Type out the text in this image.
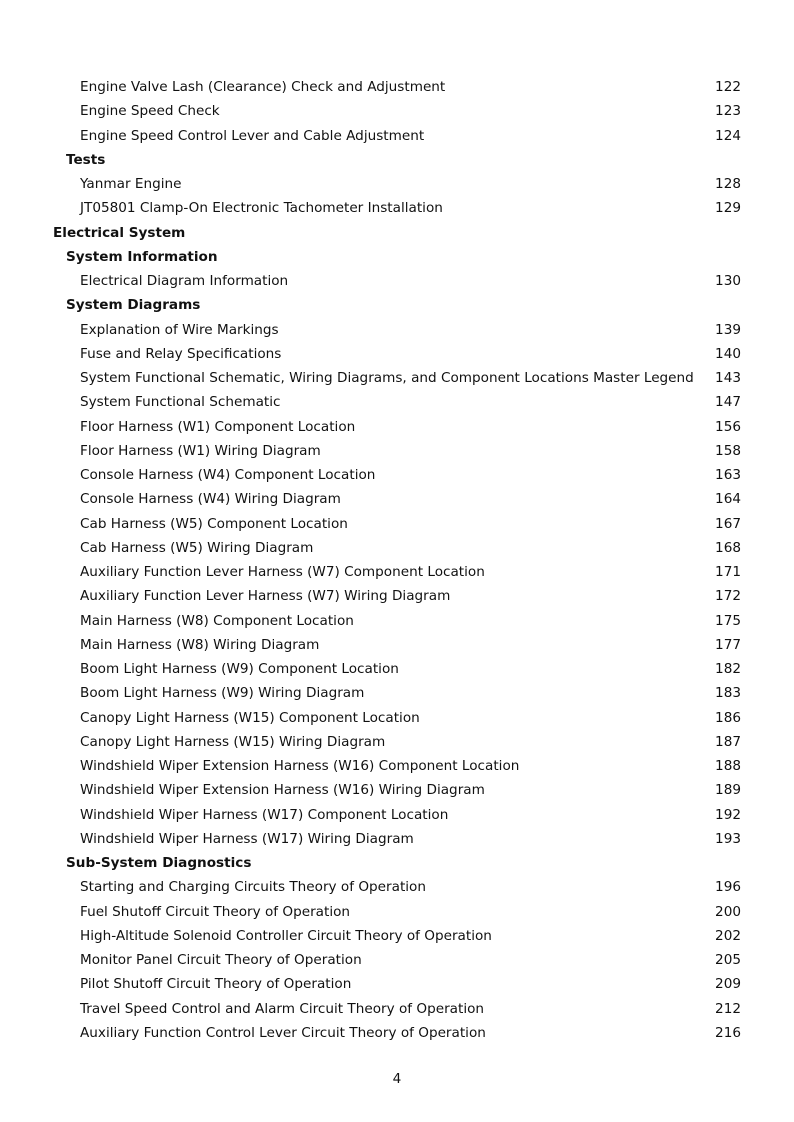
Engine Valve Lash (Clearance) Check and Adjustment	122
Engine Speed Check	123
Engine Speed Control Lever and Cable Adjustment	124
Tests
Yanmar Engine	128
JT05801 Clamp-On Electronic Tachometer Installation	129
Electrical System
System Information
Electrical Diagram Information	130
System Diagrams
Explanation of Wire Markings	139
Fuse and Relay Specifications	140
System Functional Schematic, Wiring Diagrams, and Component Locations Master Legend 143
System Functional Schematic	147
Floor Harness (W1) Component Location	156
Floor Harness (W1) Wiring Diagram	158
Console Harness (W4) Component Location	163
Console Harness (W4) Wiring Diagram	164
Cab Harness (W5) Component Location	167
Cab Harness (W5) Wiring Diagram	168
Auxiliary Function Lever Harness (W7) Component Location	171
Auxiliary Function Lever Harness (W7) Wiring Diagram	172
Main Harness (W8) Component Location	175
Main Harness (W8) Wiring Diagram	177
Boom Light Harness (W9) Component Location	182
Boom Light Harness (W9) Wiring Diagram	183
Canopy Light Harness (W15) Component Location	186
Canopy Light Harness (W15) Wiring Diagram	187
Windshield Wiper Extension Harness (W16) Component Location	188
Windshield Wiper Extension Harness (W16) Wiring Diagram	189
Windshield Wiper Harness (W17) Component Location	192
Windshield Wiper Harness (W17) Wiring Diagram	193
Sub-System Diagnostics
Starting and Charging Circuits Theory of Operation	196
Fuel Shutoff Circuit Theory of Operation	200
High-Altitude Solenoid Controller Circuit Theory of Operation	202
Monitor Panel Circuit Theory of Operation	205
Pilot Shutoff Circuit Theory of Operation	209
Travel Speed Control and Alarm Circuit Theory of Operation	212
Auxiliary Function Control Lever Circuit Theory of Operation	216
4
